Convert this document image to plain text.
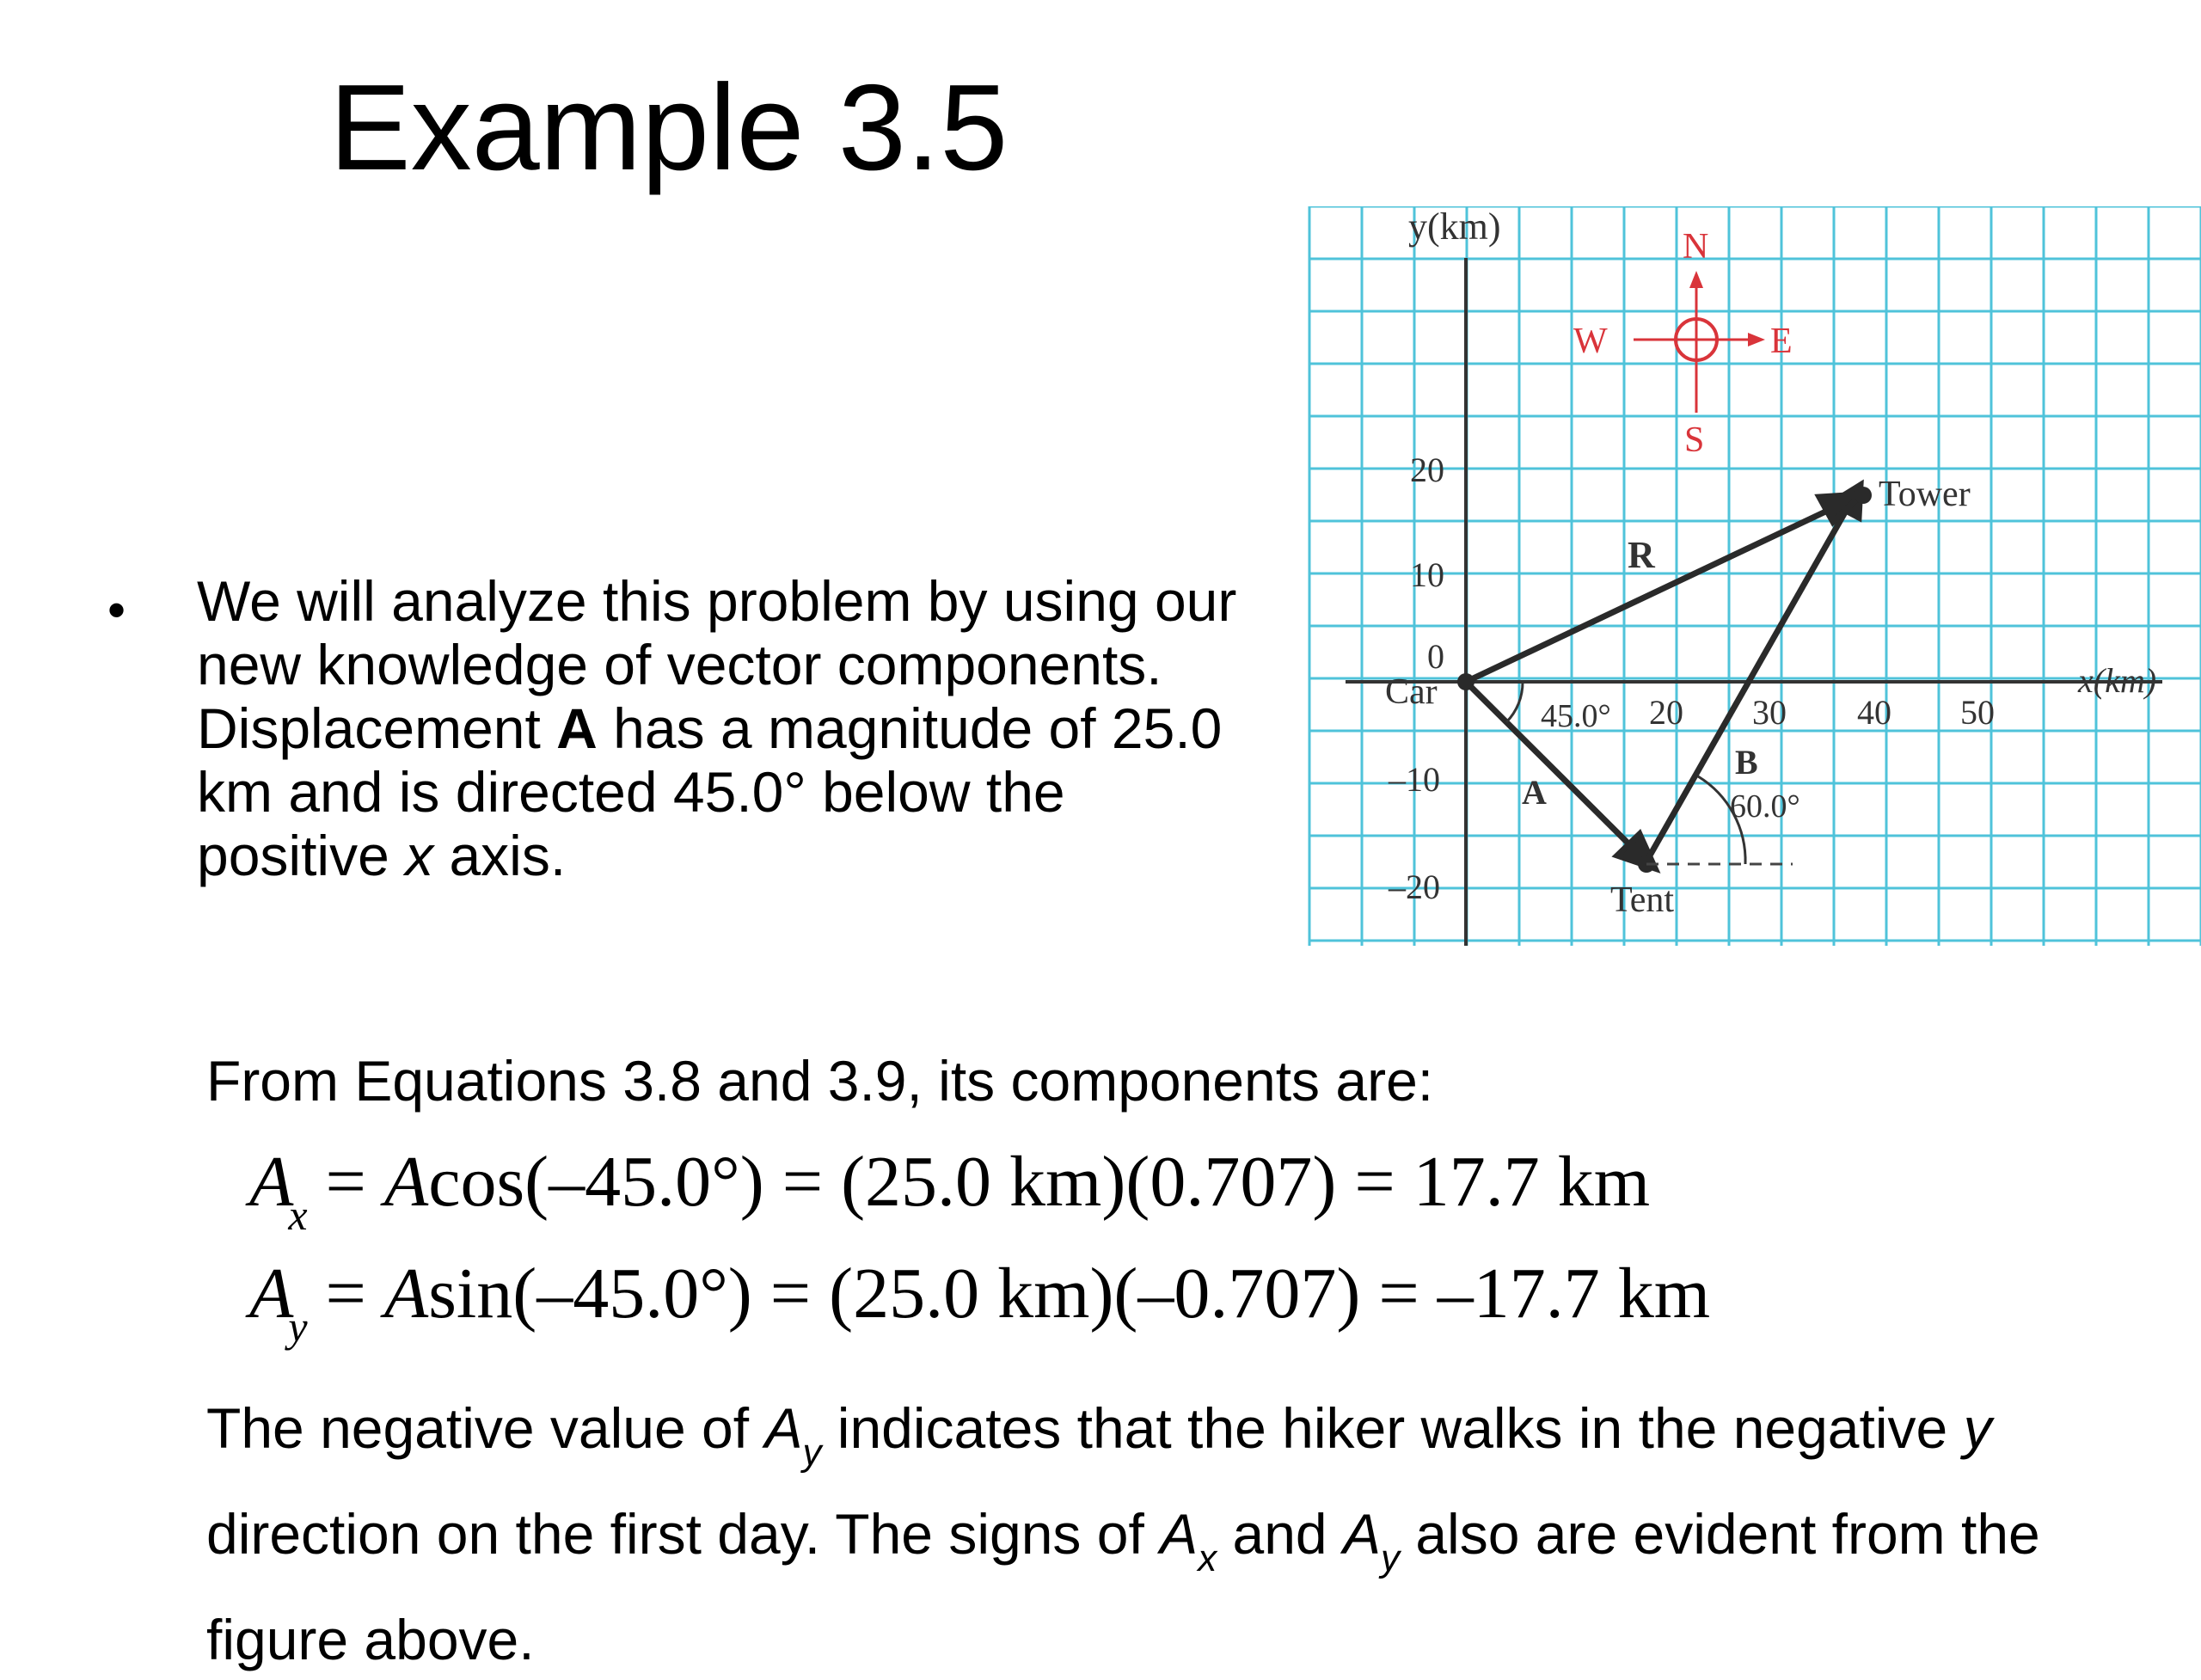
Example 3.5
• We will analyze this problem by using our new knowledge of vector components. Displacement A has a magnitude of 25.0 km and is directed 45.0° below the positive x axis.
y(km)
x(km)
20
10
0
–10
–20
20 30 40 50
N
S
E
W
Car
Tent
Tower
R
A
B
45.0°
60.0°
From Equations 3.8 and 3.9, its components are:
$A_x = Acos(-45.0^\circ) = (25.0$ km)(0.707) = 17.7 km
$A_y = Asin(-45.0^\circ) = (25.0$ km)(–0.707) = –17.7 km
The negative value of $A_y$ indicates that the hiker walks in the negative y direction on the first day. The signs of $A_x$ and $A_y$ also are evident from the figure above.
